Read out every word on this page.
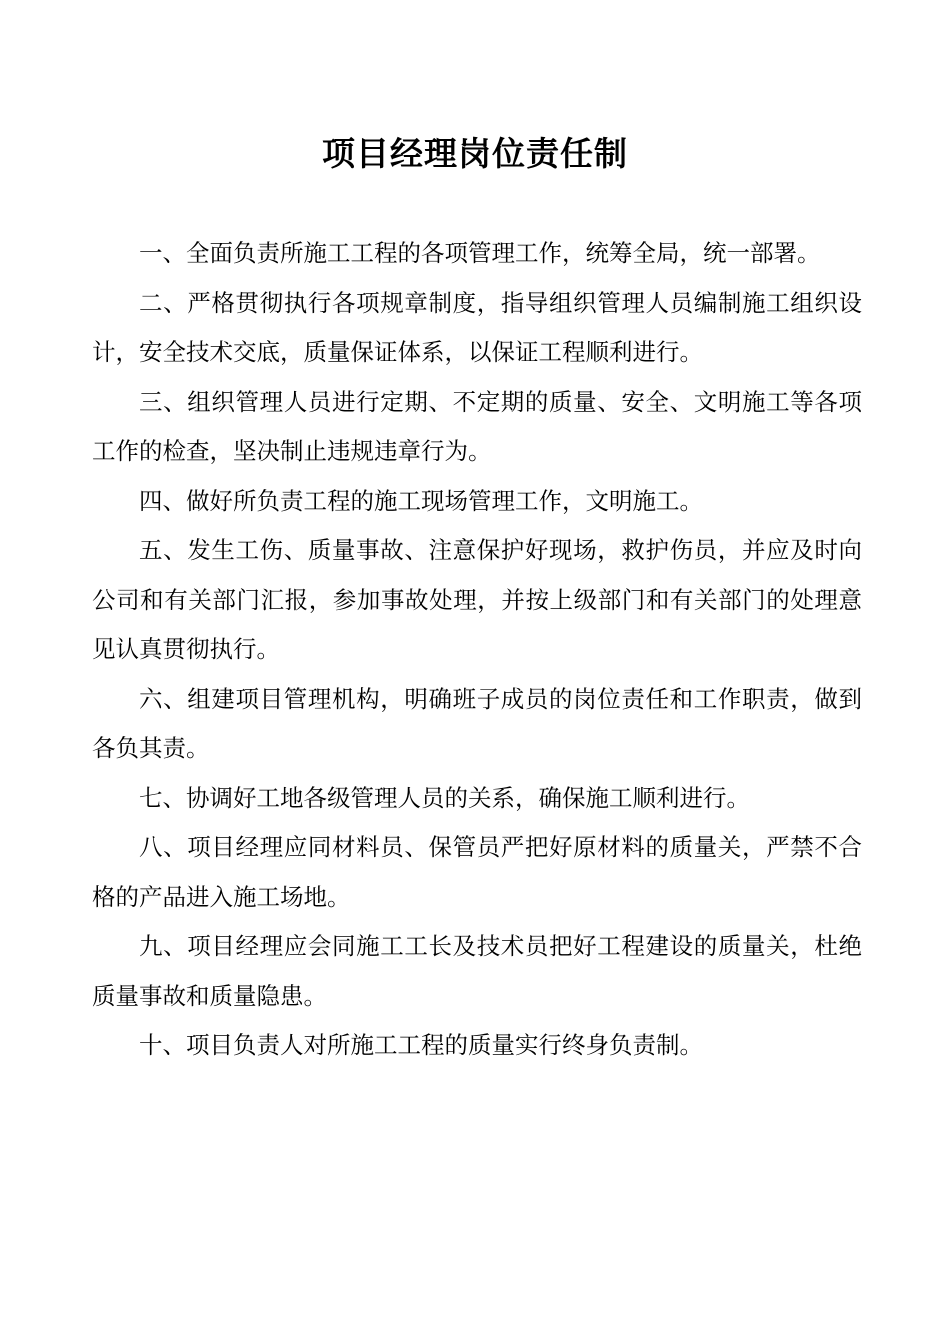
项目经理岗位责任制

一、全面负责所施工工程的各项管理工作，统筹全局，统一部署。

二、严格贯彻执行各项规章制度，指导组织管理人员编制施工组织设计，安全技术交底，质量保证体系，以保证工程顺利进行。

三、组织管理人员进行定期、不定期的质量、安全、文明施工等各项工作的检查，坚决制止违规违章行为。

四、做好所负责工程的施工现场管理工作，文明施工。

五、发生工伤、质量事故、注意保护好现场，救护伤员，并应及时向公司和有关部门汇报，参加事故处理，并按上级部门和有关部门的处理意见认真贯彻执行。

六、组建项目管理机构，明确班子成员的岗位责任和工作职责，做到各负其责。

七、协调好工地各级管理人员的关系，确保施工顺利进行。

八、项目经理应同材料员、保管员严把好原材料的质量关，严禁不合格的产品进入施工场地。

九、项目经理应会同施工工长及技术员把好工程建设的质量关，杜绝质量事故和质量隐患。

十、项目负责人对所施工工程的质量实行终身负责制。
